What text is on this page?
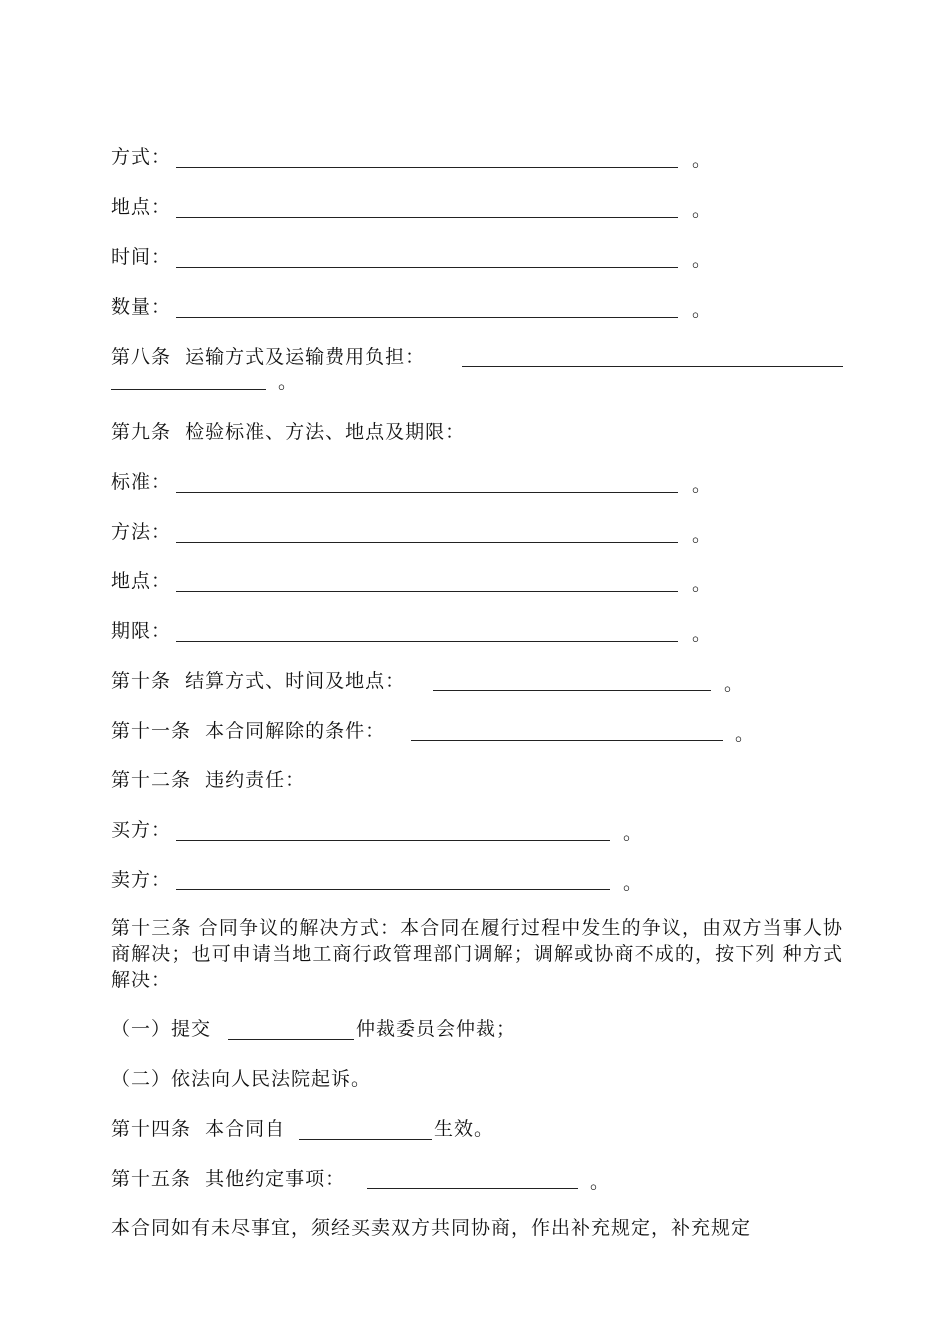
方式：	。
地点：	。
时间：	。
数量：	。
第八条  运输方式及运输费用负担：
。
第九条  检验标准、方法、地点及期限：
标准：	。
方法：	。
地点：	。
期限：	。
第十条  结算方式、时间及地点：	。
第十一条  本合同解除的条件：	。
第十二条  违约责任：
买方：	。
卖方：	。
第十三条 合同争议的解决方式：本合同在履行过程中发生的争议，由双方当事人协商解决；也可申请当地工商行政管理部门调解；调解或协商不成的，按下列 种方式解决：
（一）提交	仲裁委员会仲裁；
（二）依法向人民法院起诉。
第十四条  本合同自	生效。
第十五条  其他约定事项：	。
本合同如有未尽事宜，须经买卖双方共同协商，作出补充规定，补充规定
